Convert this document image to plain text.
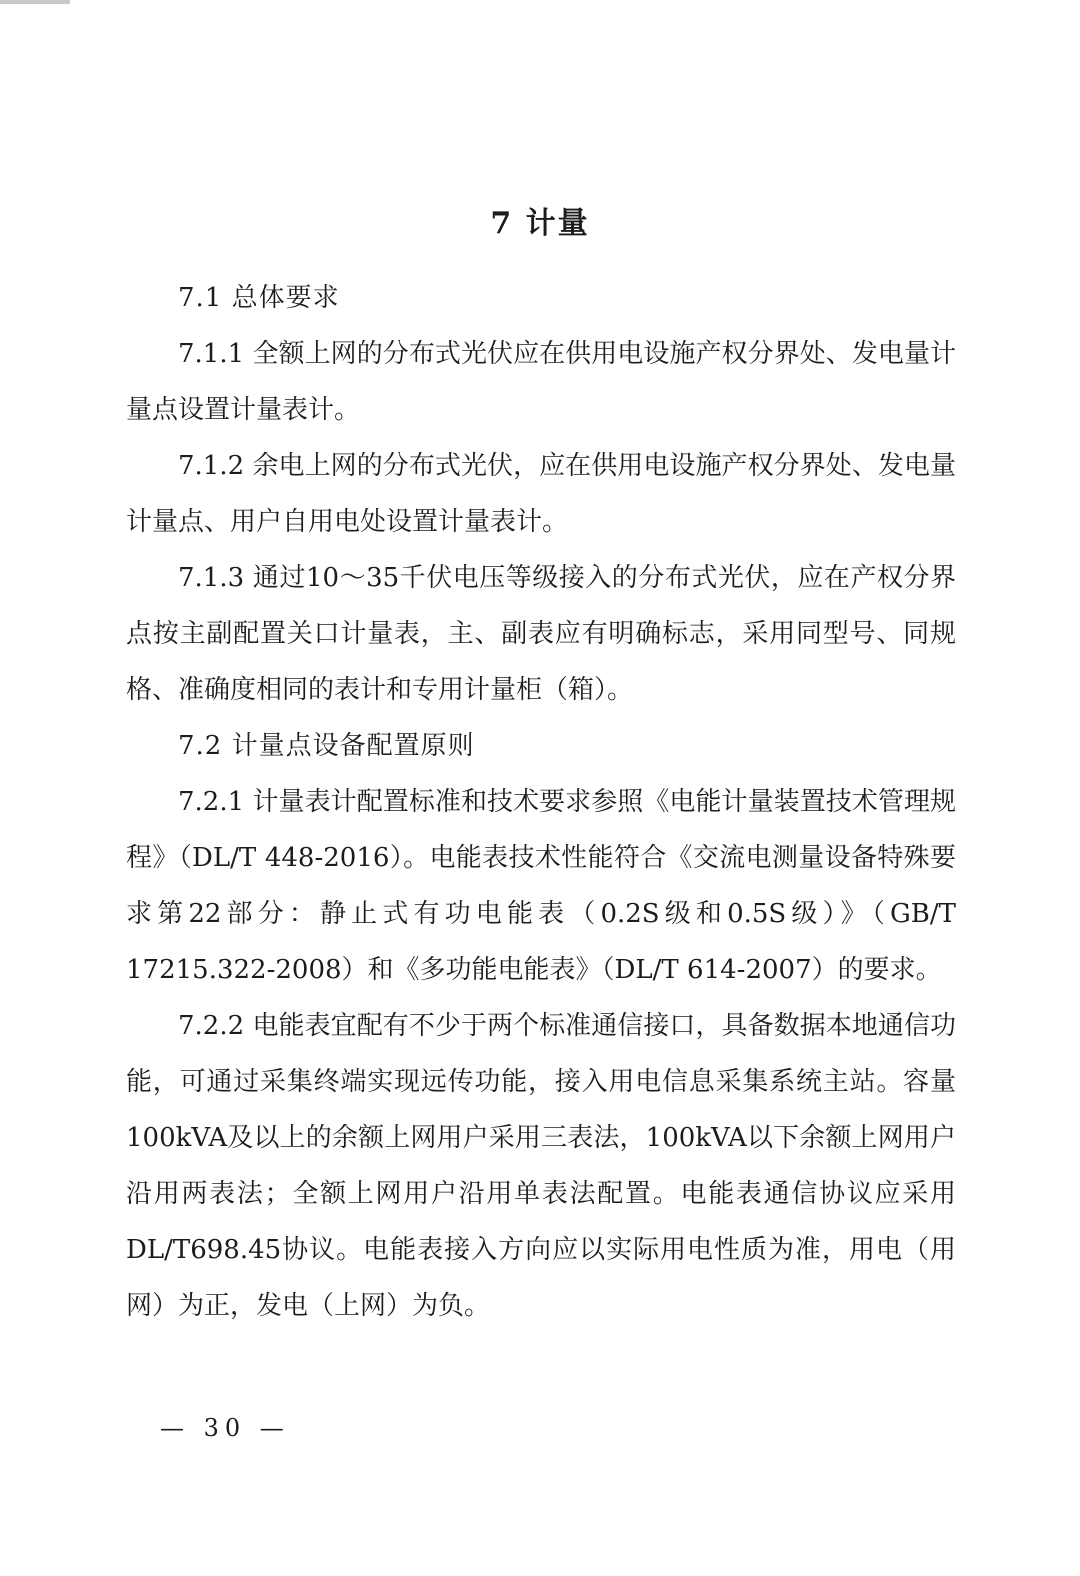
7 计量

7.1 总体要求

7.1.1 全额上网的分布式光伏应在供用电设施产权分界处、发电量计量点设置计量表计。

7.1.2 余电上网的分布式光伏，应在供用电设施产权分界处、发电量计量点、用户自用电处设置计量表计。

7.1.3 通过10～35千伏电压等级接入的分布式光伏，应在产权分界点按主副配置关口计量表，主、副表应有明确标志，采用同型号、同规格、准确度相同的表计和专用计量柜（箱）。

7.2 计量点设备配置原则

7.2.1 计量表计配置标准和技术要求参照《电能计量装置技术管理规程》（DL/T 448-2016）。电能表技术性能符合《交流电测量设备特殊要求第22部分：静止式有功电能表（0.2S级和0.5S级）》（GB/T 17215.322-2008）和《多功能电能表》（DL/T 614-2007）的要求。

7.2.2 电能表宜配有不少于两个标准通信接口，具备数据本地通信功能，可通过采集终端实现远传功能，接入用电信息采集系统主站。容量100kVA及以上的余额上网用户采用三表法，100kVA以下余额上网用户沿用两表法；全额上网用户沿用单表法配置。电能表通信协议应采用DL/T698.45协议。电能表接入方向应以实际用电性质为准，用电（用网）为正，发电（上网）为负。

— 30 —
